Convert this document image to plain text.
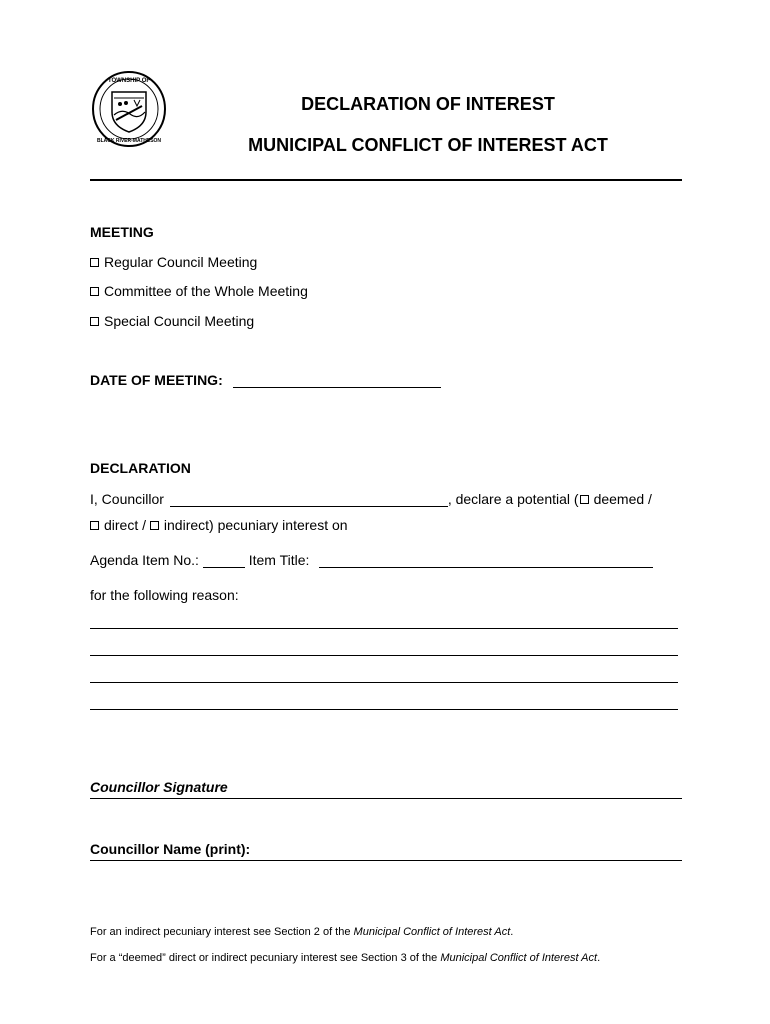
TOWNSHIP OF
BLACK RIVER-MATHESON
DECLARATION OF INTEREST
MUNICIPAL CONFLICT OF INTEREST ACT
MEETING
Regular Council Meeting
Committee of the Whole Meeting
Special Council Meeting
DATE OF MEETING:
DECLARATION
I, Councillor	, declare a potential ( deemed /
direct / indirect) pecuniary interest on
Agenda Item No.:	Item Title:
for the following reason:
Councillor Signature
Councillor Name (print):
For an indirect pecuniary interest see Section 2 of the Municipal Conflict of Interest Act.
For a “deemed” direct or indirect pecuniary interest see Section 3 of the Municipal Conflict of Interest Act.
